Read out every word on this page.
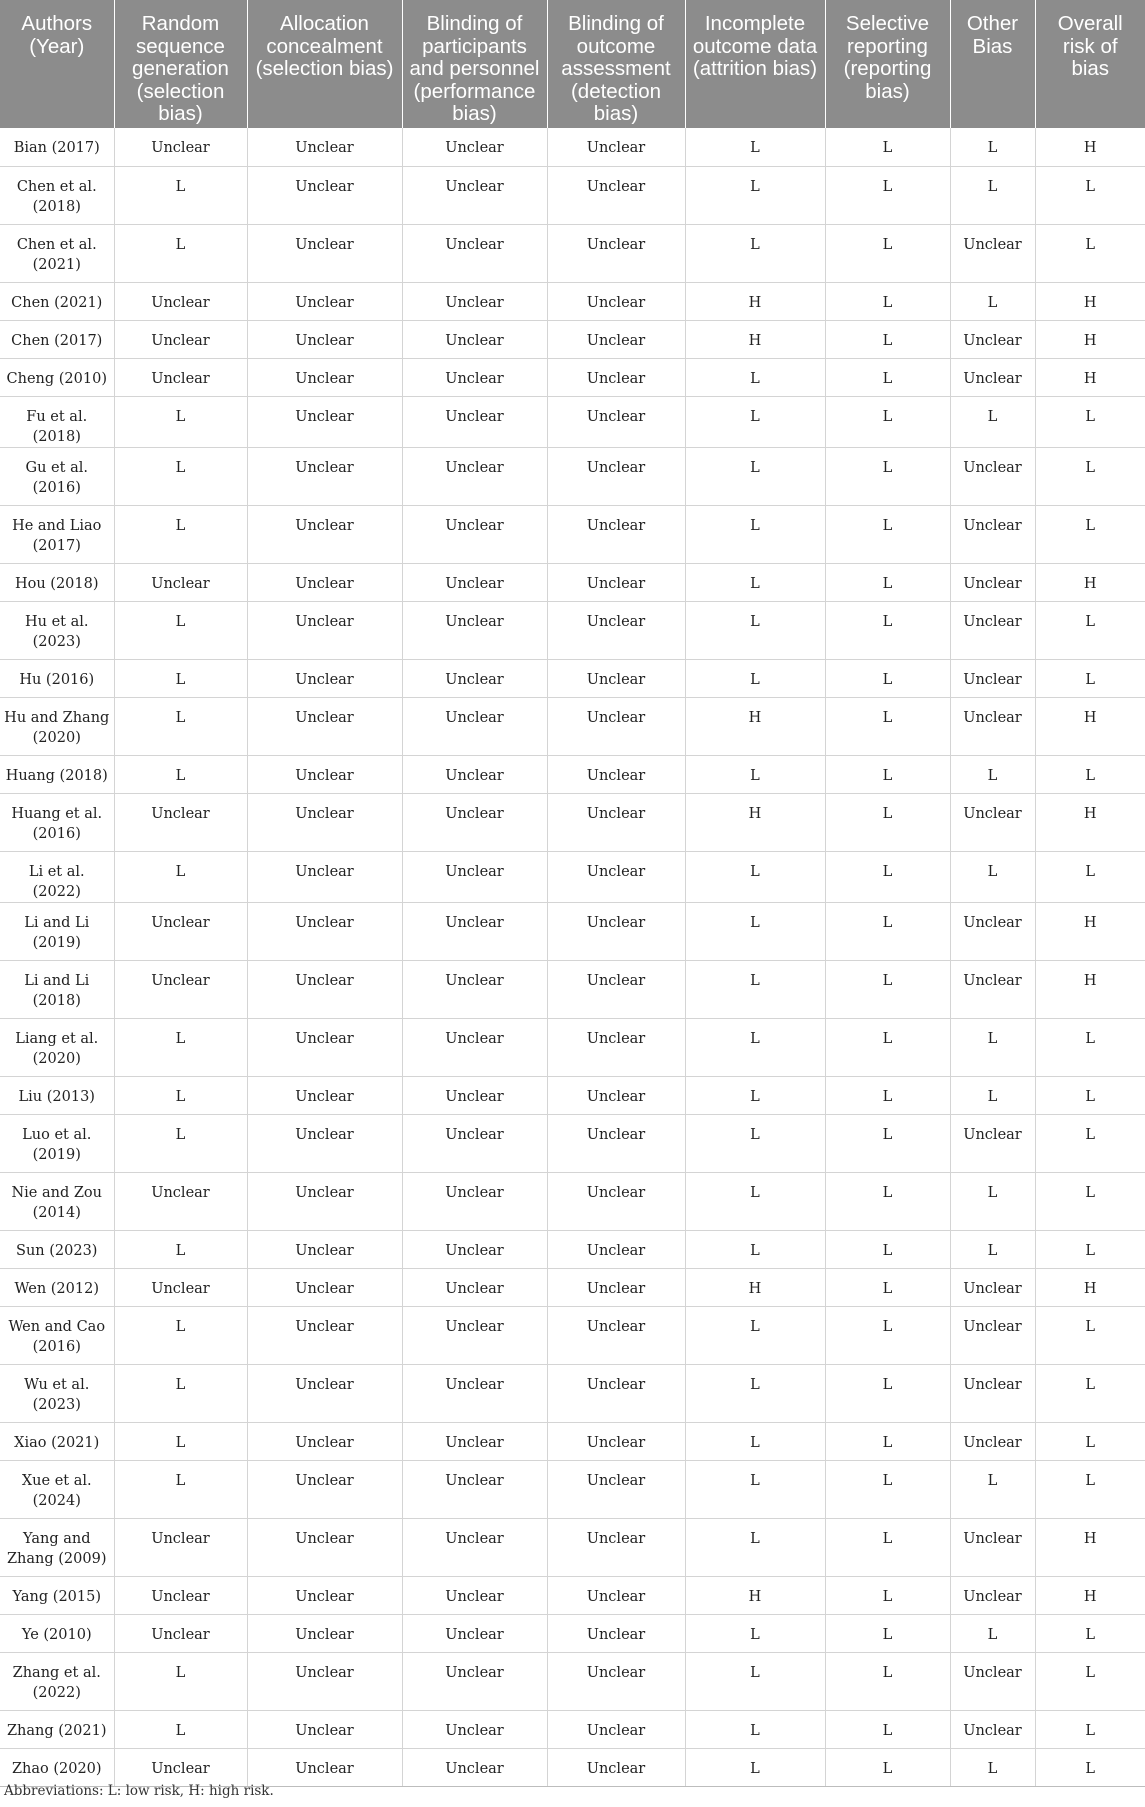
Authors (Year)	Random sequence generation (selection bias)	Allocation concealment (selection bias)	Blinding of participants and personnel (performance bias)	Blinding of outcome assessment (detection bias)	Incomplete outcome data (attrition bias)	Selective reporting (reporting bias)	Other Bias	Overall risk of bias
Bian (2017)	Unclear	Unclear	Unclear	Unclear	L	L	L	H
Chen et al. (2018)	L	Unclear	Unclear	Unclear	L	L	L	L
Chen et al. (2021)	L	Unclear	Unclear	Unclear	L	L	Unclear	L
Chen (2021)	Unclear	Unclear	Unclear	Unclear	H	L	L	H
Chen (2017)	Unclear	Unclear	Unclear	Unclear	H	L	Unclear	H
Cheng (2010)	Unclear	Unclear	Unclear	Unclear	L	L	Unclear	H
Fu et al. (2018)	L	Unclear	Unclear	Unclear	L	L	L	L
Gu et al. (2016)	L	Unclear	Unclear	Unclear	L	L	Unclear	L
He and Liao (2017)	L	Unclear	Unclear	Unclear	L	L	Unclear	L
Hou (2018)	Unclear	Unclear	Unclear	Unclear	L	L	Unclear	H
Hu et al. (2023)	L	Unclear	Unclear	Unclear	L	L	Unclear	L
Hu (2016)	L	Unclear	Unclear	Unclear	L	L	Unclear	L
Hu and Zhang (2020)	L	Unclear	Unclear	Unclear	H	L	Unclear	H
Huang (2018)	L	Unclear	Unclear	Unclear	L	L	L	L
Huang et al. (2016)	Unclear	Unclear	Unclear	Unclear	H	L	Unclear	H
Li et al. (2022)	L	Unclear	Unclear	Unclear	L	L	L	L
Li and Li (2019)	Unclear	Unclear	Unclear	Unclear	L	L	Unclear	H
Li and Li (2018)	Unclear	Unclear	Unclear	Unclear	L	L	Unclear	H
Liang et al. (2020)	L	Unclear	Unclear	Unclear	L	L	L	L
Liu (2013)	L	Unclear	Unclear	Unclear	L	L	L	L
Luo et al. (2019)	L	Unclear	Unclear	Unclear	L	L	Unclear	L
Nie and Zou (2014)	Unclear	Unclear	Unclear	Unclear	L	L	L	L
Sun (2023)	L	Unclear	Unclear	Unclear	L	L	L	L
Wen (2012)	Unclear	Unclear	Unclear	Unclear	H	L	Unclear	H
Wen and Cao (2016)	L	Unclear	Unclear	Unclear	L	L	Unclear	L
Wu et al. (2023)	L	Unclear	Unclear	Unclear	L	L	Unclear	L
Xiao (2021)	L	Unclear	Unclear	Unclear	L	L	Unclear	L
Xue et al. (2024)	L	Unclear	Unclear	Unclear	L	L	L	L
Yang and Zhang (2009)	Unclear	Unclear	Unclear	Unclear	L	L	Unclear	H
Yang (2015)	Unclear	Unclear	Unclear	Unclear	H	L	Unclear	H
Ye (2010)	Unclear	Unclear	Unclear	Unclear	L	L	L	L
Zhang et al. (2022)	L	Unclear	Unclear	Unclear	L	L	Unclear	L
Zhang (2021)	L	Unclear	Unclear	Unclear	L	L	Unclear	L
Zhao (2020)	Unclear	Unclear	Unclear	Unclear	L	L	L	L
Abbreviations: L: low risk, H: high risk.
